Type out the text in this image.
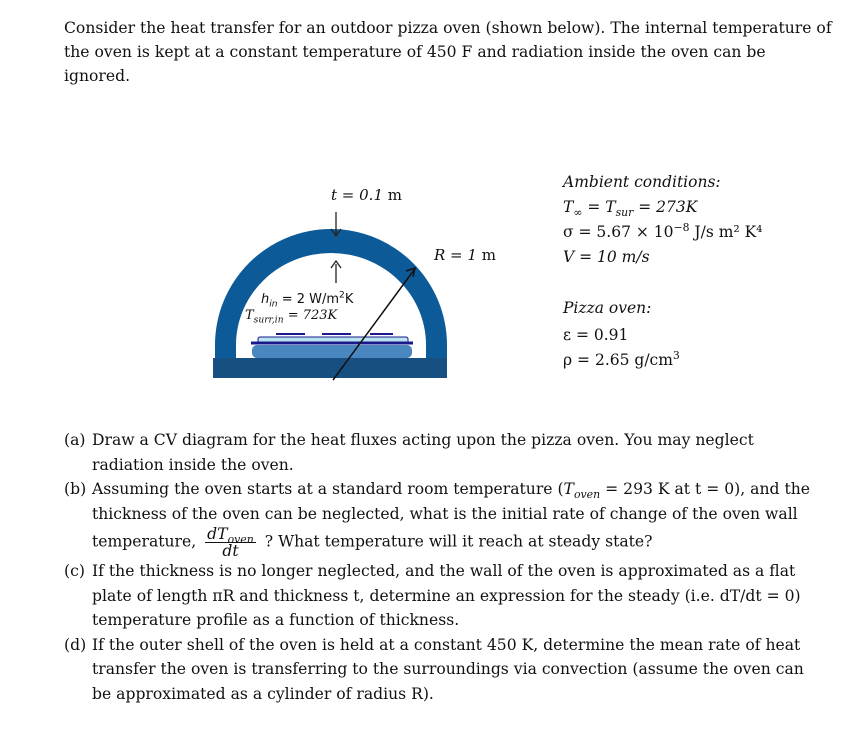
Consider the heat transfer for an outdoor pizza oven (shown below). The internal temperature of the oven is kept at a constant temperature of 450 F and radiation inside the oven can be ignored.

t = 0.1 m
R = 1 m
$h_{in} = 2$ $W/m^2K$
$T_{surr,in} = 723K$
Ambient conditions:
$T_\infty = T_{sur} = 273K$
$\sigma = 5.67 \times 10^{-8}$ J/s m² K⁴
V = 10 m/s
Pizza oven:
ε = 0.91
ρ = 2.65 $g/cm^3$
(a) Draw a CV diagram for the heat fluxes acting upon the pizza oven. You may neglect radiation inside the oven.
(b) Assuming the oven starts at a standard room temperature ($T_{oven} = 293$ K at t = 0), and the thickness of the oven can be neglected, what is the initial rate of change of the oven wall
temperature, $\frac{dT_{oven}}{dt}$ ? What temperature will it reach at steady state?
(c) If the thickness is no longer neglected, and the wall of the oven is approximated as a flat plate of length πR and thickness t, determine an expression for the steady (i.e. dT/dt = 0) temperature profile as a function of thickness.
(d) If the outer shell of the oven is held at a constant 450 K, determine the mean rate of heat transfer the oven is transferring to the surroundings via convection (assume the oven can be approximated as a cylinder of radius R).
